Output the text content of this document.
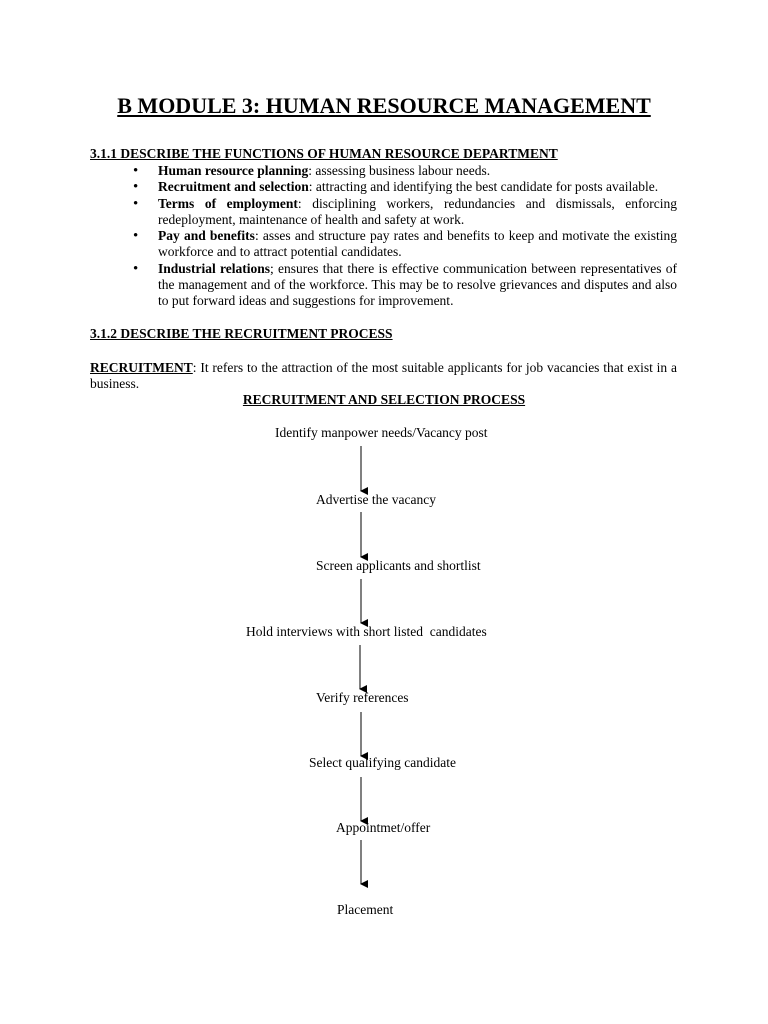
B MODULE 3: HUMAN RESOURCE MANAGEMENT
3.1.1 DESCRIBE THE FUNCTIONS OF HUMAN RESOURCE DEPARTMENT
• Human resource planning: assessing business labour needs.
• Recruitment and selection: attracting and identifying the best candidate for posts available.
• Terms of employment: disciplining workers, redundancies and dismissals, enforcing redeployment, maintenance of health and safety at work.
• Pay and benefits: asses and structure pay rates and benefits to keep and motivate the existing workforce and to attract potential candidates.
• Industrial relations; ensures that there is effective communication between representatives of the management and of the workforce. This may be to resolve grievances and disputes and also to put forward ideas and suggestions for improvement.
3.1.2 DESCRIBE THE RECRUITMENT PROCESS

RECRUITMENT: It refers to the attraction of the most suitable applicants for job vacancies that exist in a business.

RECRUITMENT AND SELECTION PROCESS

Identify manpower needs/Vacancy post

Advertise the vacancy

Screen applicants and shortlist

Hold interviews with short listed  candidates

Verify references

Select qualifying candidate

Appointmet/offer

Placement
